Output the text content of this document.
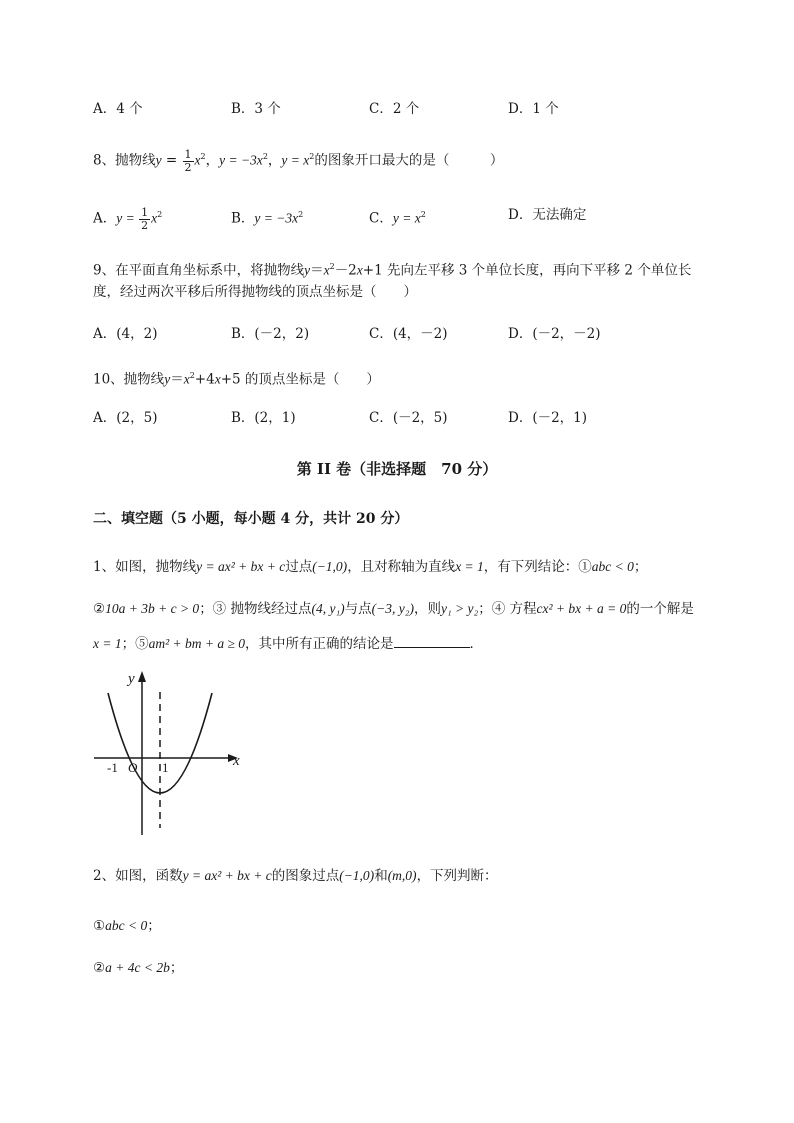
A．4 个	B．3 个	C．2 个	D．1 个
8、抛物线$y = \frac{1}{2} x^2$，$y = -3x^2$，$y = x^2$的图象开口最大的是（　　　）
A．$y = \frac{1}{2} x^2$	B．$y = -3x^2$	C．$y = x^2$	D．无法确定
9、在平面直角坐标系中，将抛物线$y=x^2-2x+1$ 先向左平移 3 个单位长度，再向下平移 2 个单位长
度，经过两次平移后所得抛物线的顶点坐标是（　　）
A．(4，2)	B．(－2，2)	C．(4，－2)	D．(－2，－2)
10、抛物线$y=x^2+4x+5$ 的顶点坐标是（　　）
A．(2，5)	B．(2，1)	C．(－2，5)	D．(－2，1)
第 II 卷（非选择题　70 分）
二、填空题（5 小题，每小题 4 分，共计 20 分）
1、如图，抛物线y = ax² + bx + c过点(−1,0)，且对称轴为直线x = 1，有下列结论：①abc < 0；
②10a + 3b + c > 0；③ 抛物线经过点(4, y₁)与点(−3, y₂)，则y₁ > y₂；④ 方程cx² + bx + a = 0的一个解是
x = 1；⑤am² + bm + a ≥ 0，其中所有正确的结论是	．
y
x
-1 O 1
2、如图，函数y = ax² + bx + c的图象过点(−1,0)和(m,0)，下列判断：
①abc < 0；
②a + 4c < 2b；
